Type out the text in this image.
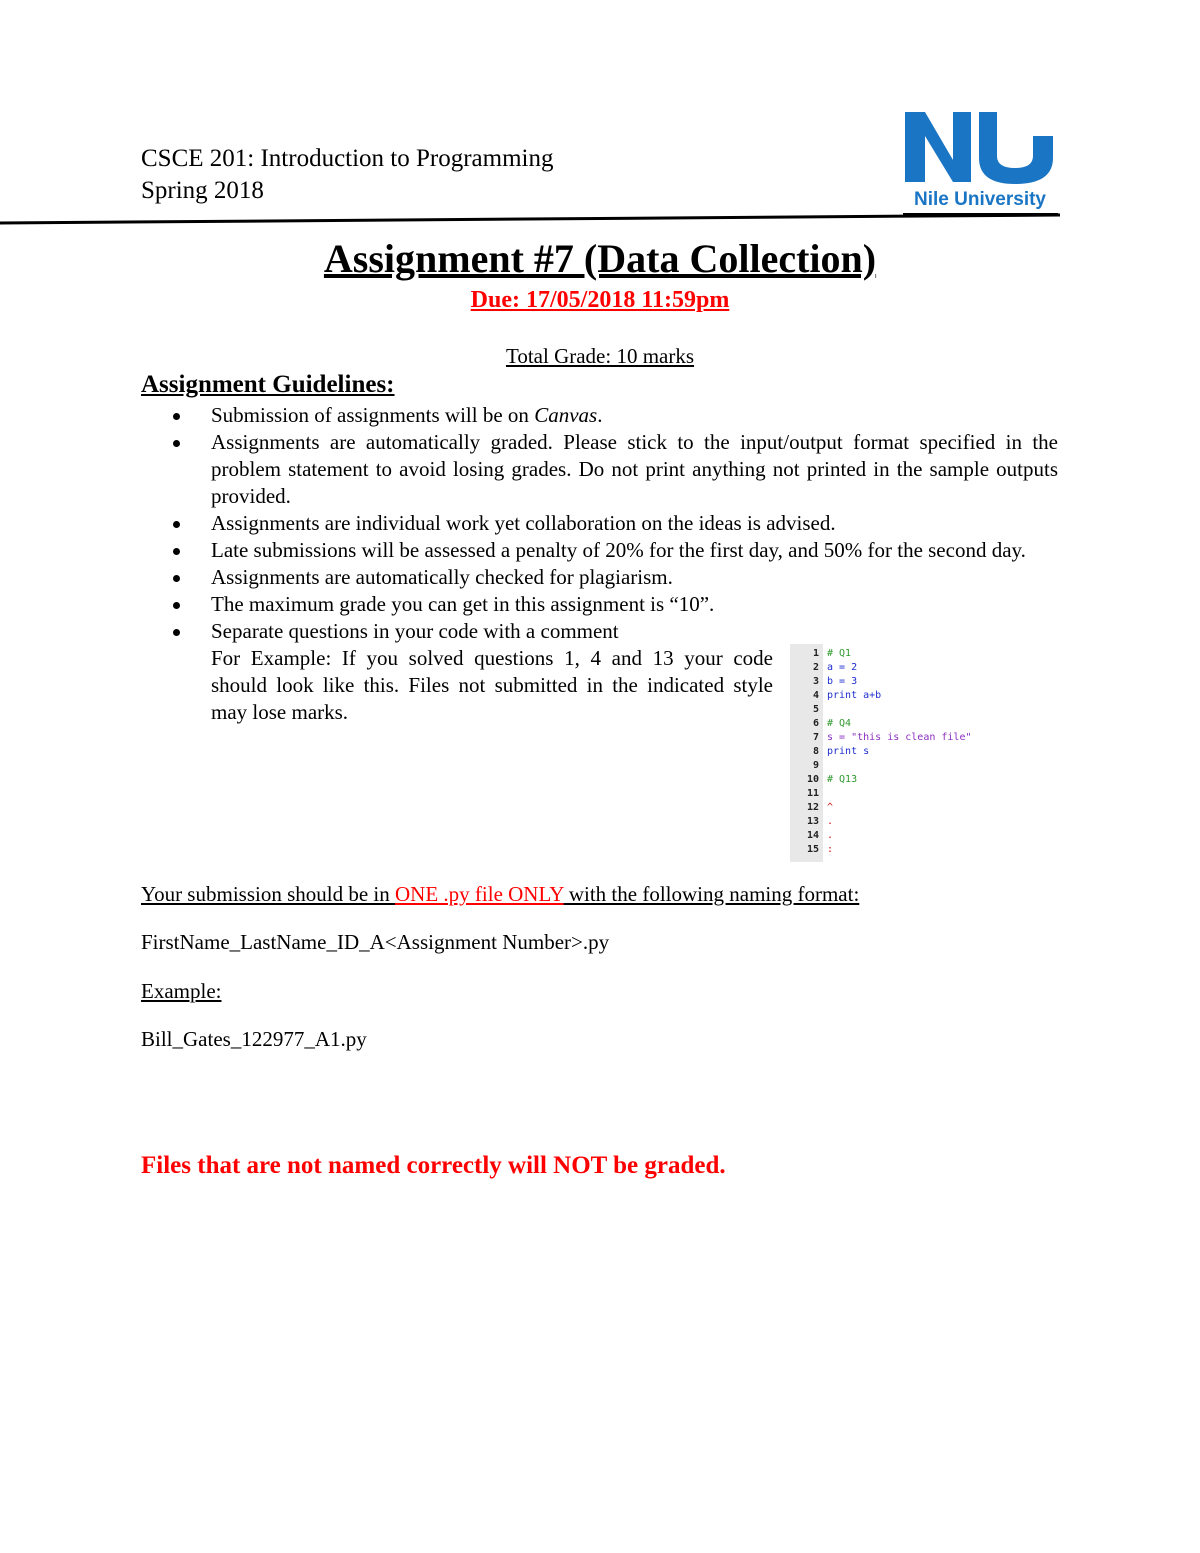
CSCE 201: Introduction to Programming
Spring 2018	Nile University
Assignment #7 (Data Collection)
Due: 17/05/2018 11:59pm
Total Grade: 10 marks
Assignment Guidelines:
Submission of assignments will be on Canvas.
Assignments are automatically graded. Please stick to the input/output format specified in the problem statement to avoid losing grades. Do not print anything not printed in the sample outputs provided.
Assignments are individual work yet collaboration on the ideas is advised.
Late submissions will be assessed a penalty of 20% for the first day, and 50% for the second day.
Assignments are automatically checked for plagiarism.
The maximum grade you can get in this assignment is “10”.
Separate questions in your code with a comment
For Example: If you solved questions 1, 4 and 13 your code should look like this. Files not submitted in the indicated style may lose marks.
1 # Q1
2 a = 2
3 b = 3
4 print a+b
5
6 # Q4
7 s = "this is clean file"
8 print s
9
10 # Q13
11
12 ^
13 .
14 .
15 :
Your submission should be in ONE .py file ONLY with the following naming format:
FirstName_LastName_ID_A<Assignment Number>.py
Example:
Bill_Gates_122977_A1.py
Files that are not named correctly will NOT be graded.
